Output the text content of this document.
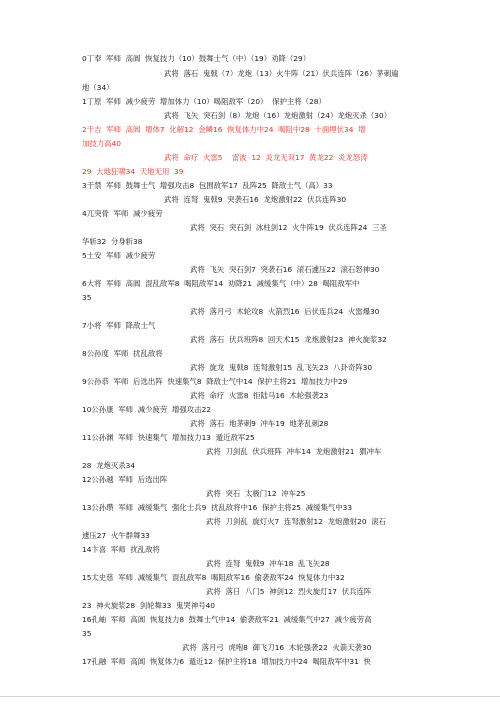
0丁奉  军师  高阊  恢复技力（10）鼓舞士气（中）（19）劝降（29）
武将  落石  鬼戟（7）龙炮（13）火牛阵（21）伏兵连阵（26）茅刺遍
地（34）
1丁原  军师  减少疲劳  增加体力（10）喝阻敌军（20）  保护主将（28）
武将  飞矢  突石剑（8）龙炮（16）龙炮激射（24）龙炮灭杀（30）
2干吉  军师  高阊  增体7  化解12  金鳞16  恢复体力中24  喝阻中28  十面埋伏34  增
加技力高40
武将  命疗  火雷5    雷波  12  炎龙无双17  黄龙22  炎龙怒涛
29  大地狂啸34  天地无用  39
3于禁  军师  鼓舞士气  增强攻击8  包围敌军17  乱阵25  降敌士气（高）33
武将  连弩  鬼戟9  突袭石16  龙炮激射22  伏兵连阵30
4兀突骨  军师  减少疲劳
武将  突石  突石剑  冰柱剑12  火牛阵19  伏兵连阵24  三圣
华斩32  分身斩38
5土安  军师  减少疲劳
武将  飞矢  突石剑7  突袭石16  滚石遽压22  滚石怒神30
6大将  军师  高阊  混乱敌军8  喝阻敌军14  劝降21  减缓集气（中）28  喝阻敌军中
35
武将  落月弓  木轮攻8  火箭烈16  后伏连兵24  火雷爆30
7小将  军师  降敌士气
武将  落石  伏兵班阵8  回天术15  龙炮激射23  神火旋浆32
8公孙度  军师  扰乱敌将
武将  旋龙  鬼戟8  连弩激射15  乱飞矢23  八卦奇阵30
9公孙恭  军师  后选出阵  快速集气8  降敌士气中14  保护主将21  增加技力中29
武将  命疗  火雷8  拒陆马16  木轮强袭23
10公孙康  军师  减少疲劳  增强攻击22
武将  落石  地茅刺9  冲车19  地茅乱刺28
11公孙渊  军师  快速集气  增加技力13  遁近敌军25
武将  刀剑乱  伏兵班阵  冲车14  龙炮激射21  猬冲车
28  龙炮灭杀34
12公孙越  军师  后选出阵
武将  突石  太极门12  冲车25
13公孙瓒  军师  减缓集气  强化士兵9  扰乱敌将中16  保护主将25  减缓集气中33
武将  刀剑乱  旋灯火7  连弩激射12  龙炮激射20  滚石
遽压27  火牛群舞33
14卞喜  军师  扰乱敌将
武将  连弩  鬼戟9  冲车18  乱飞矢28
15太史慈  军师  减缓集气  混乱敌军8  喝阻敌军16  偷袭敌军24  恢复体力中32
武将  落日  八门5  神剑12  烈火旋灯17  伏兵连阵
23  神火旋浆28  剑轮舞33  鬼哭神号40
16孔岫  军师  高阊  恢复技力8  鼓舞士气中14  偷袭敌军21  减缓集气中27  减少疲劳高
35
武将  落月弓  虎咆8  御飞刀16  木轮强袭22  火箭天袭30
17孔融  军师  高阊  恢复体力6  遁近12  保护主将18  增加技力中24  喝阻敌军中31  快
